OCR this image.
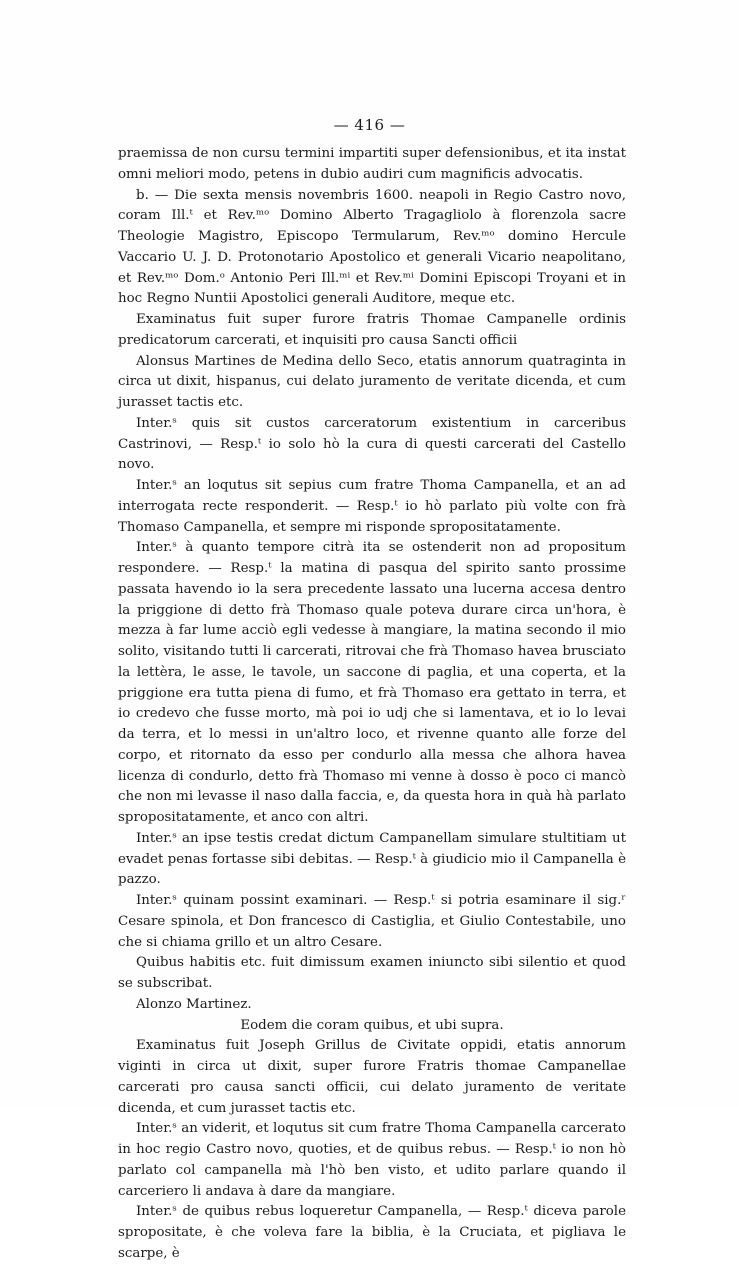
— 416 —

praemissa de non cursu termini impartiti super defensionibus, et ita instat omni meliori modo, petens in dubio audiri cum magnificis advocatis.

b. — Die sexta mensis novembris 1600. neapoli in Regio Castro novo, coram Ill.ᵗ et Rev.ᵐᵒ Domino Alberto Tragagliolo à florenzola sacre Theologie Magistro, Episcopo Termularum, Rev.ᵐᵒ domino Hercule Vaccario U. J. D. Protonotario Apostolico et generali Vicario neapolitano, et Rev.ᵐᵒ Dom.ᵒ Antonio Peri Ill.ᵐⁱ et Rev.ᵐⁱ Domini Episcopi Troyani et in hoc Regno Nuntii Apostolici generali Auditore, meque etc.

Examinatus fuit super furore fratris Thomae Campanelle ordinis predicatorum carcerati, et inquisiti pro causa Sancti officii

Alonsus Martines de Medina dello Seco, etatis annorum quatraginta in circa ut dixit, hispanus, cui delato juramento de veritate dicenda, et cum jurasset tactis etc.

Inter.ˢ quis sit custos carceratorum existentium in carceribus Castrinovi, — Resp.ᵗ io solo hò la cura di questi carcerati del Castello novo.

Inter.ˢ an loqutus sit sepius cum fratre Thoma Campanella, et an ad interrogata recte responderit. — Resp.ᵗ io hò parlato più volte con frà Thomaso Campanella, et sempre mi risponde spropositatamente.

Inter.ˢ à quanto tempore citrà ita se ostenderit non ad propositum respondere. — Resp.ᵗ la matina di pasqua del spirito santo prossime passata havendo io la sera precedente lassato una lucerna accesa dentro la priggione di detto frà Thomaso quale poteva durare circa un'hora, è mezza à far lume acciò egli vedesse à mangiare, la matina secondo il mio solito, visitando tutti li carcerati, ritrovai che frà Thomaso havea brusciato la lettèra, le asse, le tavole, un saccone di paglia, et una coperta, et la priggione era tutta piena di fumo, et frà Thomaso era gettato in terra, et io credevo che fusse morto, mà poi io udj che si lamentava, et io lo levai da terra, et lo messi in un'altro loco, et rivenne quanto alle forze del corpo, et ritornato da esso per condurlo alla messa che alhora havea licenza di condurlo, detto frà Thomaso mi venne à dosso è poco ci mancò che non mi levasse il naso dalla faccia, e, da questa hora in quà hà parlato spropositatamente, et anco con altri.

Inter.ˢ an ipse testis credat dictum Campanellam simulare stultitiam ut evadet penas fortasse sibi debitas. — Resp.ᵗ à giudicio mio il Campanella è pazzo.

Inter.ˢ quinam possint examinari. — Resp.ᵗ si potria esaminare il sig.ʳ Cesare spinola, et Don francesco di Castiglia, et Giulio Contestabile, uno che si chiama grillo et un altro Cesare.

Quibus habitis etc. fuit dimissum examen iniuncto sibi silentio et quod se subscribat.

Alonzo Martinez.

Eodem die coram quibus, et ubi supra.

Examinatus fuit Joseph Grillus de Civitate oppidi, etatis annorum viginti in circa ut dixit, super furore Fratris thomae Campanellae carcerati pro causa sancti officii, cui delato juramento de veritate dicenda, et cum jurasset tactis etc.

Inter.ˢ an viderit, et loqutus sit cum fratre Thoma Campanella carcerato in hoc regio Castro novo, quoties, et de quibus rebus. — Resp.ᵗ io non hò parlato col campanella mà l'hò ben visto, et udito parlare quando il carceriero li andava à dare da mangiare.

Inter.ˢ de quibus rebus loqueretur Campanella, — Resp.ᵗ diceva parole spropositate, è che voleva fare la biblia, è la Cruciata, et pigliava le scarpe, è
